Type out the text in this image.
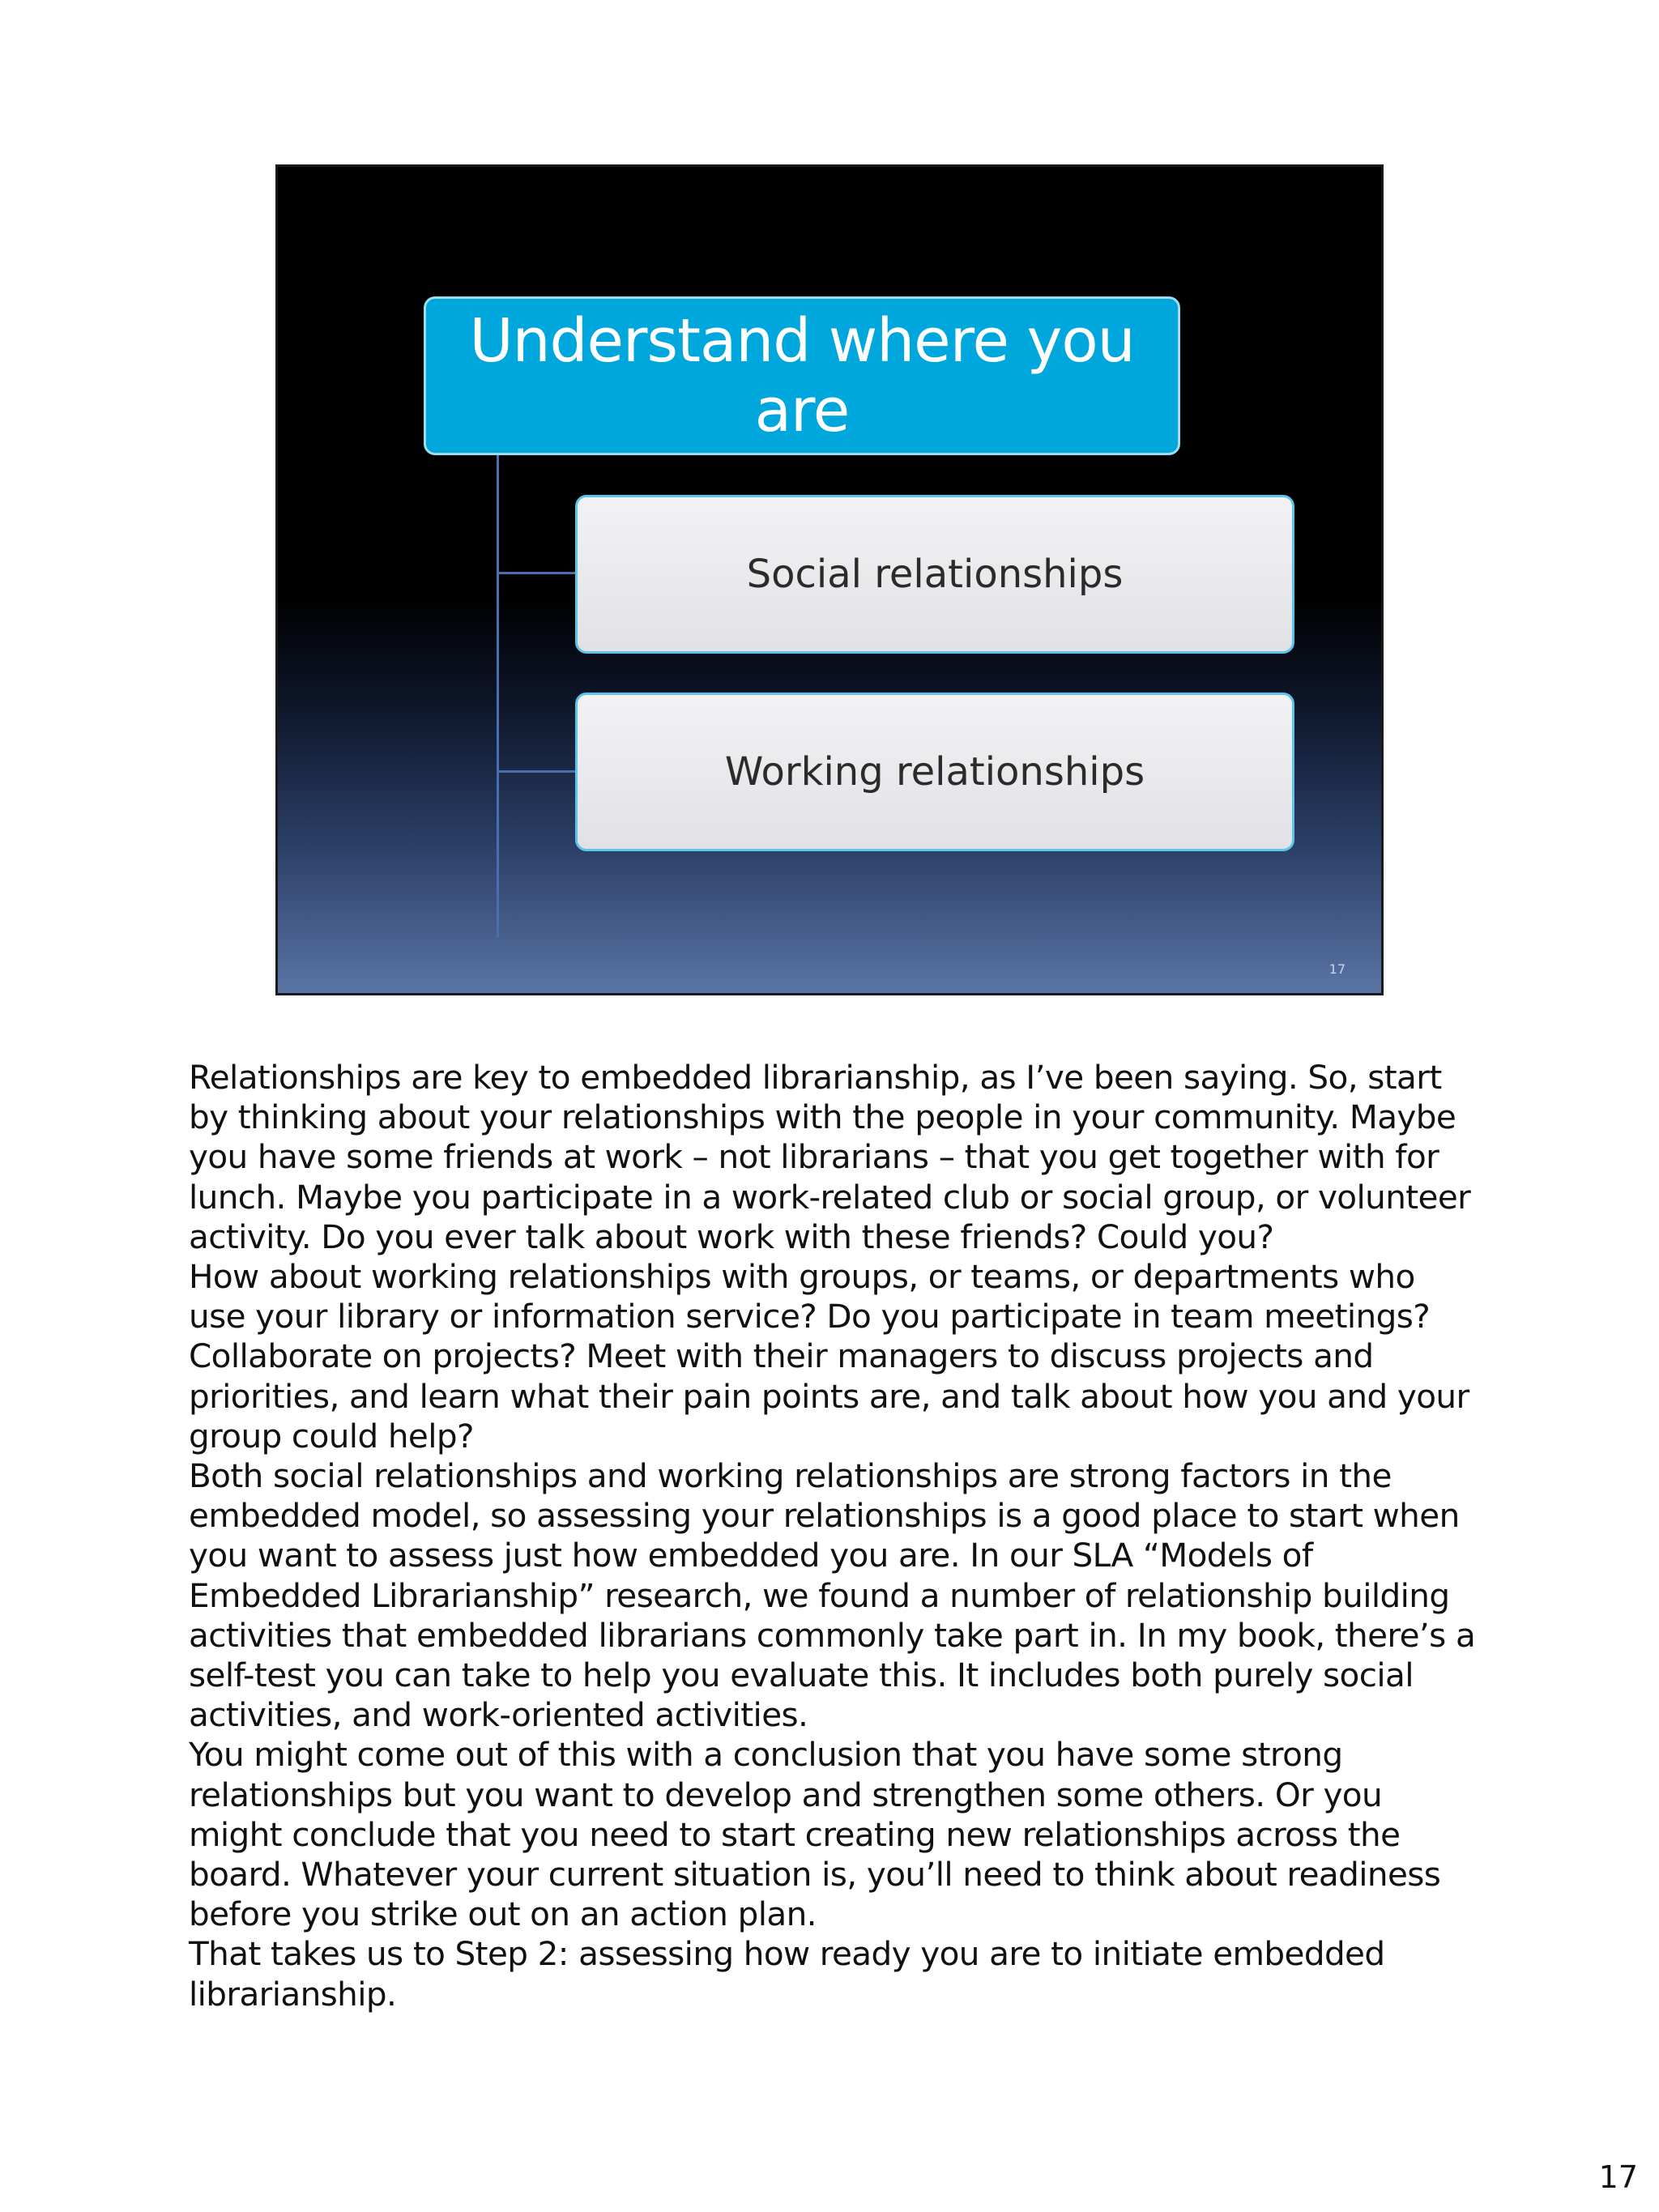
Understand where you are
Social relationships
Working relationships
17

Relationships are key to embedded librarianship, as I’ve been saying. So, start by thinking about your relationships with the people in your community. Maybe you have some friends at work – not librarians – that you get together with for lunch. Maybe you participate in a work-related club or social group, or volunteer activity. Do you ever talk about work with these friends? Could you?

How about working relationships with groups, or teams, or departments who use your library or information service? Do you participate in team meetings? Collaborate on projects? Meet with their managers to discuss projects and priorities, and learn what their pain points are, and talk about how you and your group could help?

Both social relationships and working relationships are strong factors in the embedded model, so assessing your relationships is a good place to start when you want to assess just how embedded you are. In our SLA “Models of Embedded Librarianship” research, we found a number of relationship building activities that embedded librarians commonly take part in. In my book, there’s a self-test you can take to help you evaluate this. It includes both purely social activities, and work-oriented activities.

You might come out of this with a conclusion that you have some strong relationships but you want to develop and strengthen some others. Or you might conclude that you need to start creating new relationships across the board. Whatever your current situation is, you’ll need to think about readiness before you strike out on an action plan.

That takes us to Step 2: assessing how ready you are to initiate embedded librarianship.

17
